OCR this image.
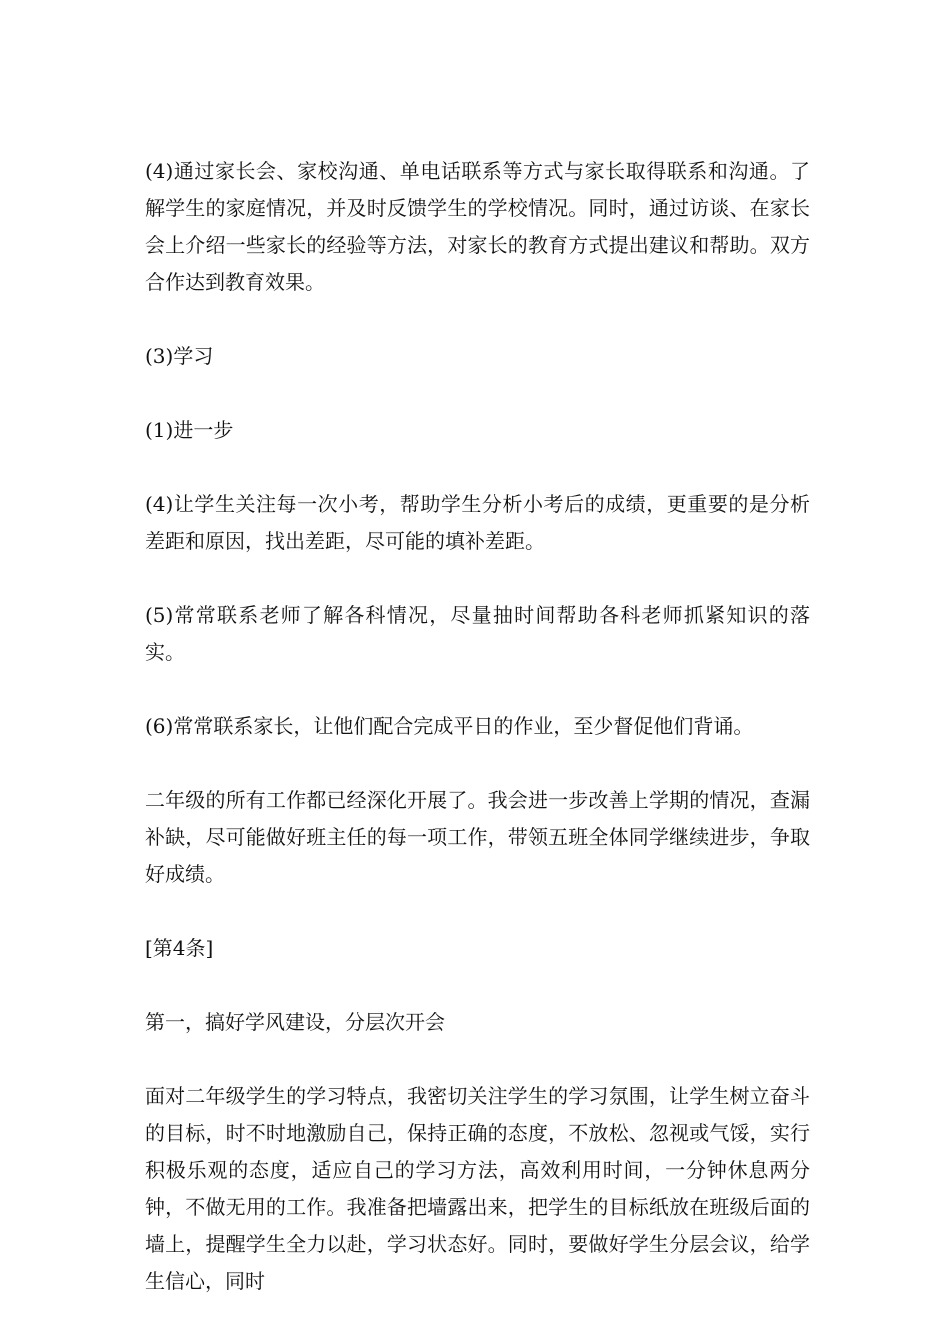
(4)通过家长会、家校沟通、单电话联系等方式与家长取得联系和沟通。了解学生的家庭情况，并及时反馈学生的学校情况。同时，通过访谈、在家长会上介绍一些家长的经验等方法，对家长的教育方式提出建议和帮助。双方合作达到教育效果。

(3)学习

(1)进一步

(4)让学生关注每一次小考，帮助学生分析小考后的成绩，更重要的是分析差距和原因，找出差距，尽可能的填补差距。

(5)常常联系老师了解各科情况，尽量抽时间帮助各科老师抓紧知识的落实。

(6)常常联系家长，让他们配合完成平日的作业，至少督促他们背诵。

二年级的所有工作都已经深化开展了。我会进一步改善上学期的情况，查漏补缺，尽可能做好班主任的每一项工作，带领五班全体同学继续进步，争取好成绩。

[第4条]

第一，搞好学风建设，分层次开会

面对二年级学生的学习特点，我密切关注学生的学习氛围，让学生树立奋斗的目标，时不时地激励自己，保持正确的态度，不放松、忽视或气馁，实行积极乐观的态度，适应自己的学习方法，高效利用时间，一分钟休息两分钟，不做无用的工作。我准备把墙露出来，把学生的目标纸放在班级后面的墙上，提醒学生全力以赴，学习状态好。同时，要做好学生分层会议，给学生信心，同时
